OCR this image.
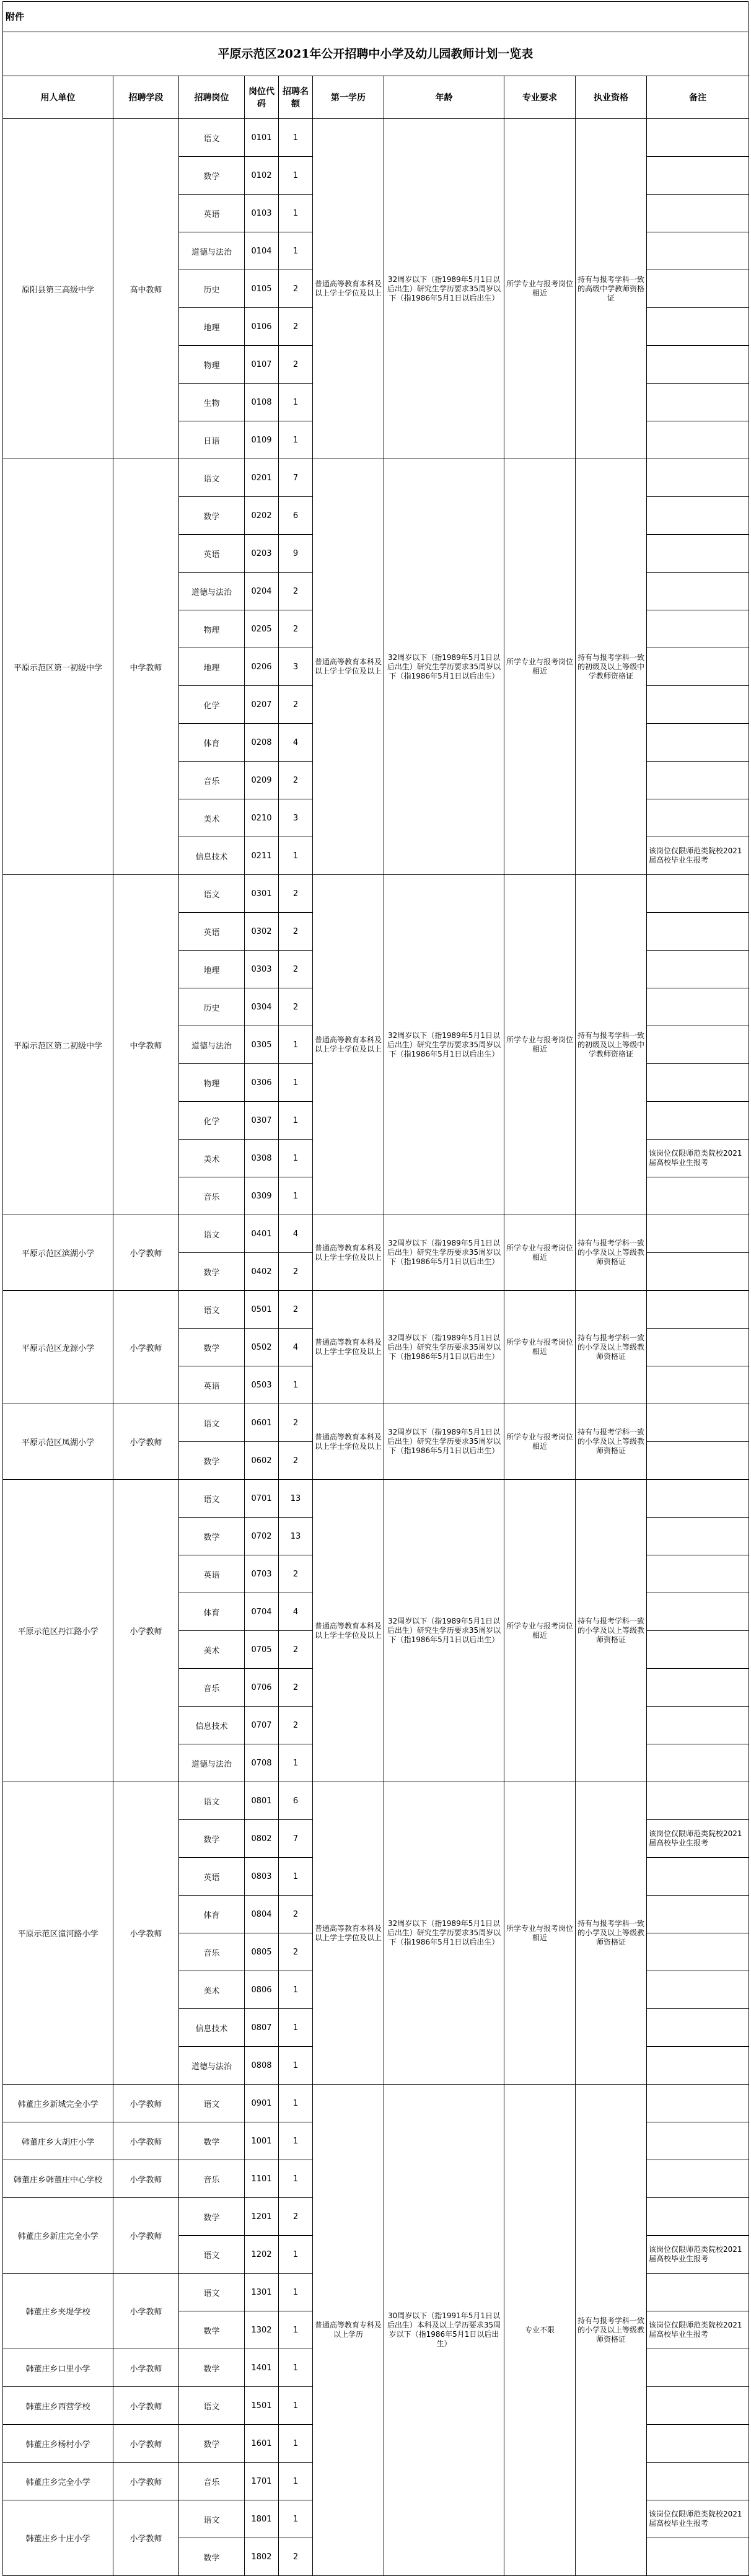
附件
平原示范区2021年公开招聘中小学及幼儿园教师计划一览表
用人单位	招聘学段	招聘岗位	岗位代码	招聘名额	第一学历	年龄	专业要求	执业资格	备注
原阳县第三高级中学	高中教师	语文	0101	1	普通高等教育本科及以上学士学位及以上	32周岁以下（指1989年5月1日以后出生）研究生学历要求35周岁以下（指1986年5月1日以后出生）	所学专业与报考岗位相近	持有与报考学科一致的高级中学教师资格证	
		数学	0102	1					
		英语	0103	1					
		道德与法治	0104	1					
		历史	0105	2					
		地理	0106	2					
		物理	0107	2					
		生物	0108	1					
		日语	0109	1					
平原示范区第一初级中学	中学教师	语文	0201	7	普通高等教育本科及以上学士学位及以上	32周岁以下（指1989年5月1日以后出生）研究生学历要求35周岁以下（指1986年5月1日以后出生）	所学专业与报考岗位相近	持有与报考学科一致的初级及以上等级中学教师资格证	
		数学	0202	6					
		英语	0203	9					
		道德与法治	0204	2					
		物理	0205	2					
		地理	0206	3					
		化学	0207	2					
		体育	0208	4					
		音乐	0209	2					
		美术	0210	3					
		信息技术	0211	1					该岗位仅限师范类院校2021届高校毕业生报考
平原示范区第二初级中学	中学教师	语文	0301	2	普通高等教育本科及以上学士学位及以上	32周岁以下（指1989年5月1日以后出生）研究生学历要求35周岁以下（指1986年5月1日以后出生）	所学专业与报考岗位相近	持有与报考学科一致的初级及以上等级中学教师资格证	
		英语	0302	2					
		地理	0303	2					
		历史	0304	2					
		道德与法治	0305	1					
		物理	0306	1					
		化学	0307	1					
		美术	0308	1					该岗位仅限师范类院校2021届高校毕业生报考
		音乐	0309	1					
平原示范区滨湖小学	小学教师	语文	0401	4	普通高等教育本科及以上学士学位及以上	32周岁以下（指1989年5月1日以后出生）研究生学历要求35周岁以下（指1986年5月1日以后出生）	所学专业与报考岗位相近	持有与报考学科一致的小学及以上等级教师资格证	
		数学	0402	2					
平原示范区龙源小学	小学教师	语文	0501	2	普通高等教育本科及以上学士学位及以上	32周岁以下（指1989年5月1日以后出生）研究生学历要求35周岁以下（指1986年5月1日以后出生）	所学专业与报考岗位相近	持有与报考学科一致的小学及以上等级教师资格证	
		数学	0502	4					
		英语	0503	1					
平原示范区凤湖小学	小学教师	语文	0601	2	普通高等教育本科及以上学士学位及以上	32周岁以下（指1989年5月1日以后出生）研究生学历要求35周岁以下（指1986年5月1日以后出生）	所学专业与报考岗位相近	持有与报考学科一致的小学及以上等级教师资格证	
		数学	0602	2					
平原示范区丹江路小学	小学教师	语文	0701	13	普通高等教育本科及以上学士学位及以上	32周岁以下（指1989年5月1日以后出生）研究生学历要求35周岁以下（指1986年5月1日以后出生）	所学专业与报考岗位相近	持有与报考学科一致的小学及以上等级教师资格证	
		数学	0702	13					
		英语	0703	2					
		体育	0704	4					
		美术	0705	2					
		音乐	0706	2					
		信息技术	0707	2					
		道德与法治	0708	1					
平原示范区潼河路小学	小学教师	语文	0801	6	普通高等教育本科及以上学士学位及以上	32周岁以下（指1989年5月1日以后出生）研究生学历要求35周岁以下（指1986年5月1日以后出生）	所学专业与报考岗位相近	持有与报考学科一致的小学及以上等级教师资格证	
		数学	0802	7					该岗位仅限师范类院校2021届高校毕业生报考
		英语	0803	1					
		体育	0804	2					
		音乐	0805	2					
		美术	0806	1					
		信息技术	0807	1					
		道德与法治	0808	1					
韩董庄乡新城完全小学	小学教师	语文	0901	1	普通高等教育专科及以上学历	30周岁以下（指1991年5月1日以后出生）本科及以上学历要求35周岁以下（指1986年5月1日以后出生）	专业不限	持有与报考学科一致的小学及以上等级教师资格证	
韩董庄乡大胡庄小学	小学教师	数学	1001	1					
韩董庄乡韩董庄中心学校	小学教师	音乐	1101	1					
韩董庄乡新庄完全小学	小学教师	数学	1201	2					
		语文	1202	1					该岗位仅限师范类院校2021届高校毕业生报考
韩董庄乡夹堤学校	小学教师	语文	1301	1					
		数学	1302	1					该岗位仅限师范类院校2021届高校毕业生报考
韩董庄乡口里小学	小学教师	数学	1401	1					
韩董庄乡西营学校	小学教师	语文	1501	1					
韩董庄乡杨村小学	小学教师	数学	1601	1					
韩董庄乡完全小学	小学教师	音乐	1701	1					
韩董庄乡十庄小学	小学教师	语文	1801	1					该岗位仅限师范类院校2021届高校毕业生报考
		数学	1802	2					
